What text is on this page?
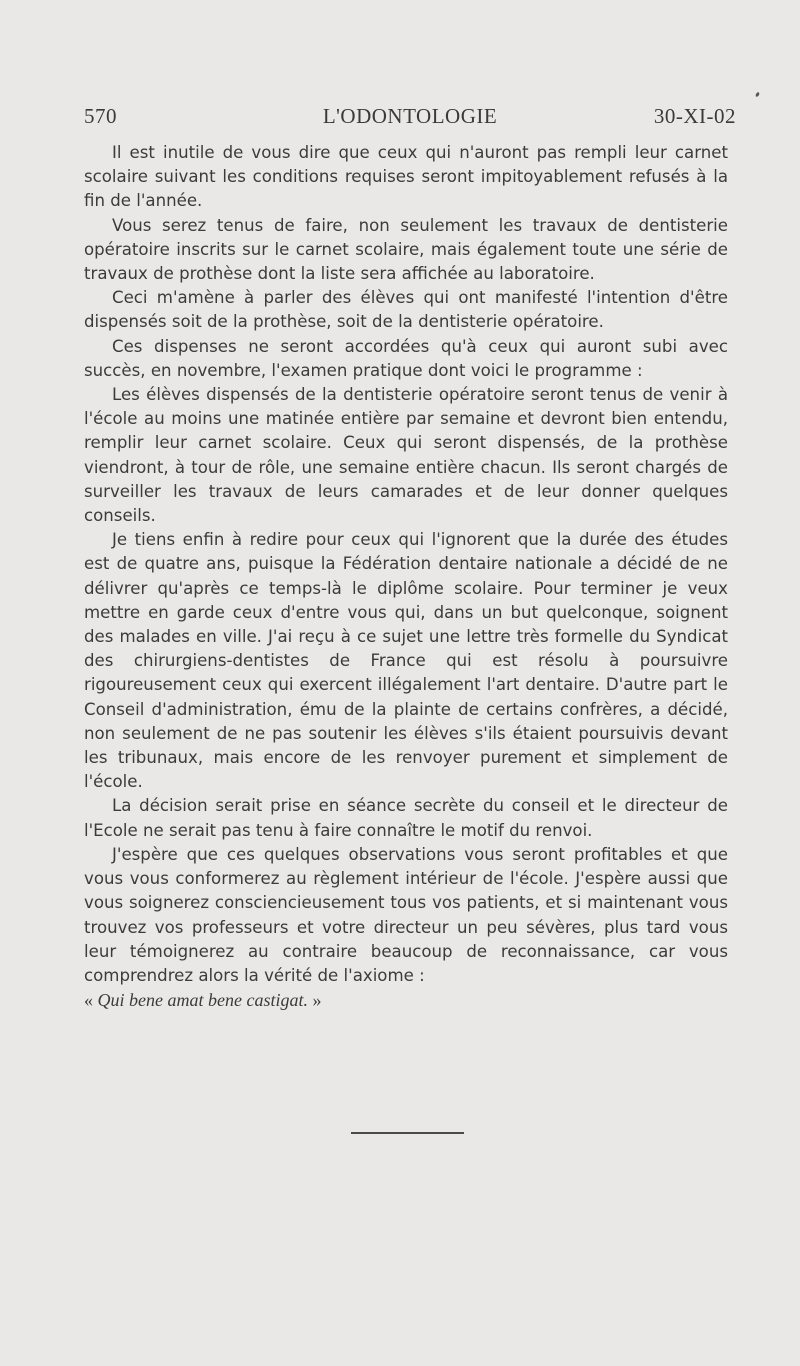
570	L'ODONTOLOGIE	30-XI-02

Il est inutile de vous dire que ceux qui n'auront pas rempli leur carnet scolaire suivant les conditions requises seront impitoyablement refusés à la fin de l'année.

Vous serez tenus de faire, non seulement les travaux de dentisterie opératoire inscrits sur le carnet scolaire, mais également toute une série de travaux de prothèse dont la liste sera affichée au laboratoire.

Ceci m'amène à parler des élèves qui ont manifesté l'intention d'être dispensés soit de la prothèse, soit de la dentisterie opératoire.

Ces dispenses ne seront accordées qu'à ceux qui auront subi avec succès, en novembre, l'examen pratique dont voici le programme :

Les élèves dispensés de la dentisterie opératoire seront tenus de venir à l'école au moins une matinée entière par semaine et devront bien entendu, remplir leur carnet scolaire. Ceux qui seront dispensés, de la prothèse viendront, à tour de rôle, une semaine entière chacun. Ils seront chargés de surveiller les travaux de leurs camarades et de leur donner quelques conseils.

Je tiens enfin à redire pour ceux qui l'ignorent que la durée des études est de quatre ans, puisque la Fédération dentaire nationale a décidé de ne délivrer qu'après ce temps-là le diplôme scolaire. Pour terminer je veux mettre en garde ceux d'entre vous qui, dans un but quelconque, soignent des malades en ville. J'ai reçu à ce sujet une lettre très formelle du Syndicat des chirurgiens-dentistes de France qui est résolu à poursuivre rigoureusement ceux qui exercent illégalement l'art dentaire. D'autre part le Conseil d'administration, ému de la plainte de certains confrères, a décidé, non seulement de ne pas soutenir les élèves s'ils étaient poursuivis devant les tribunaux, mais encore de les renvoyer purement et simplement de l'école.

La décision serait prise en séance secrète du conseil et le directeur de l'Ecole ne serait pas tenu à faire connaître le motif du renvoi.

J'espère que ces quelques observations vous seront profitables et que vous vous conformerez au règlement intérieur de l'école. J'espère aussi que vous soignerez consciencieusement tous vos patients, et si maintenant vous trouvez vos professeurs et votre directeur un peu sévères, plus tard vous leur témoignerez au contraire beaucoup de reconnaissance, car vous comprendrez alors la vérité de l'axiome :

« Qui bene amat bene castigat. »
